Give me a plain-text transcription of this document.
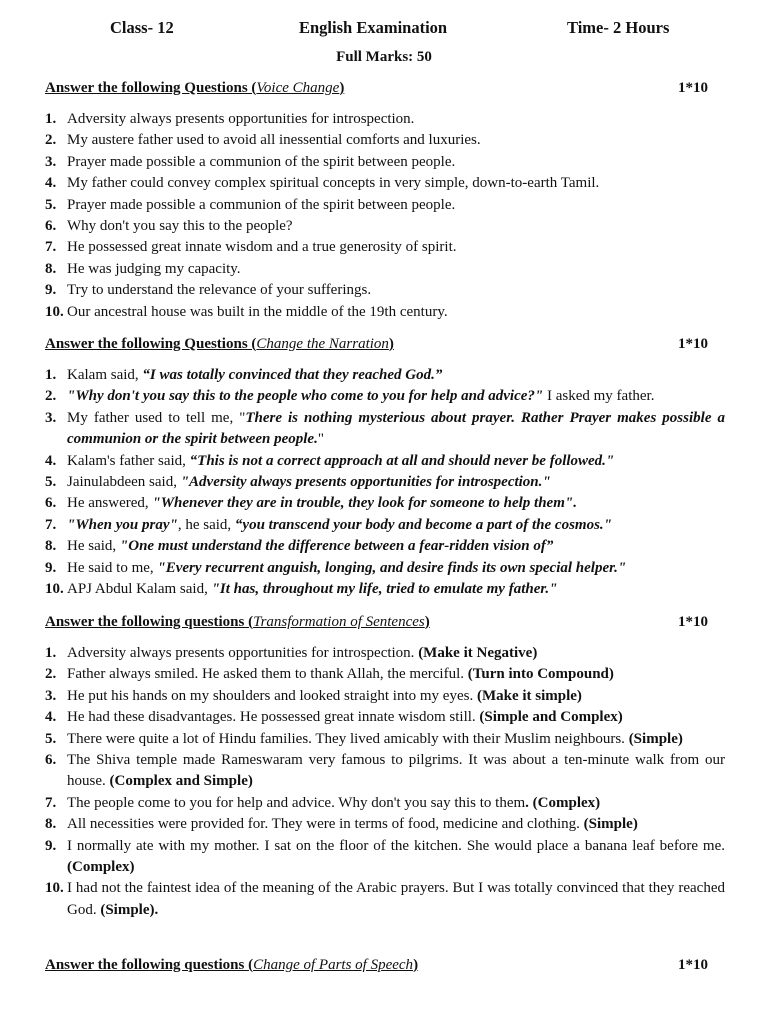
Class- 12	English Examination	Time- 2 Hours
Full Marks: 50
Answer the following Questions (Voice Change)	1*10
1. Adversity always presents opportunities for introspection.
2. My austere father used to avoid all inessential comforts and luxuries.
3. Prayer made possible a communion of the spirit between people.
4. My father could convey complex spiritual concepts in very simple, down-to-earth Tamil.
5. Prayer made possible a communion of the spirit between people.
6. Why don't you say this to the people?
7. He possessed great innate wisdom and a true generosity of spirit.
8. He was judging my capacity.
9. Try to understand the relevance of your sufferings.
10. Our ancestral house was built in the middle of the 19th century.
Answer the following Questions (Change the Narration)	1*10
1. Kalam said, “I was totally convinced that they reached God.”
2. "Why don't you say this to the people who come to you for help and advice?" I asked my father.
3. My father used to tell me, "There is nothing mysterious about prayer. Rather Prayer makes possible a communion or the spirit between people."
4. Kalam's father said, “This is not a correct approach at all and should never be followed."
5. Jainulabdeen said, "Adversity always presents opportunities for introspection."
6. He answered, "Whenever they are in trouble, they look for someone to help them".
7. "When you pray", he said, “you transcend your body and become a part of the cosmos."
8. He said, "One must understand the difference between a fear-ridden vision of”
9. He said to me, "Every recurrent anguish, longing, and desire finds its own special helper."
10. APJ Abdul Kalam said, "It has, throughout my life, tried to emulate my father."
Answer the following questions (Transformation of Sentences)	1*10
1. Adversity always presents opportunities for introspection. (Make it Negative)
2. Father always smiled. He asked them to thank Allah, the merciful. (Turn into Compound)
3. He put his hands on my shoulders and looked straight into my eyes. (Make it simple)
4. He had these disadvantages. He possessed great innate wisdom still. (Simple and Complex)
5. There were quite a lot of Hindu families. They lived amicably with their Muslim neighbours. (Simple)
6. The Shiva temple made Rameswaram very famous to pilgrims. It was about a ten-minute walk from our house. (Complex and Simple)
7. The people come to you for help and advice. Why don't you say this to them. (Complex)
8. All necessities were provided for. They were in terms of food, medicine and clothing. (Simple)
9. I normally ate with my mother. I sat on the floor of the kitchen. She would place a banana leaf before me. (Complex)
10. I had not the faintest idea of the meaning of the Arabic prayers. But I was totally convinced that they reached God. (Simple).
Answer the following questions (Change of Parts of Speech)	1*10
